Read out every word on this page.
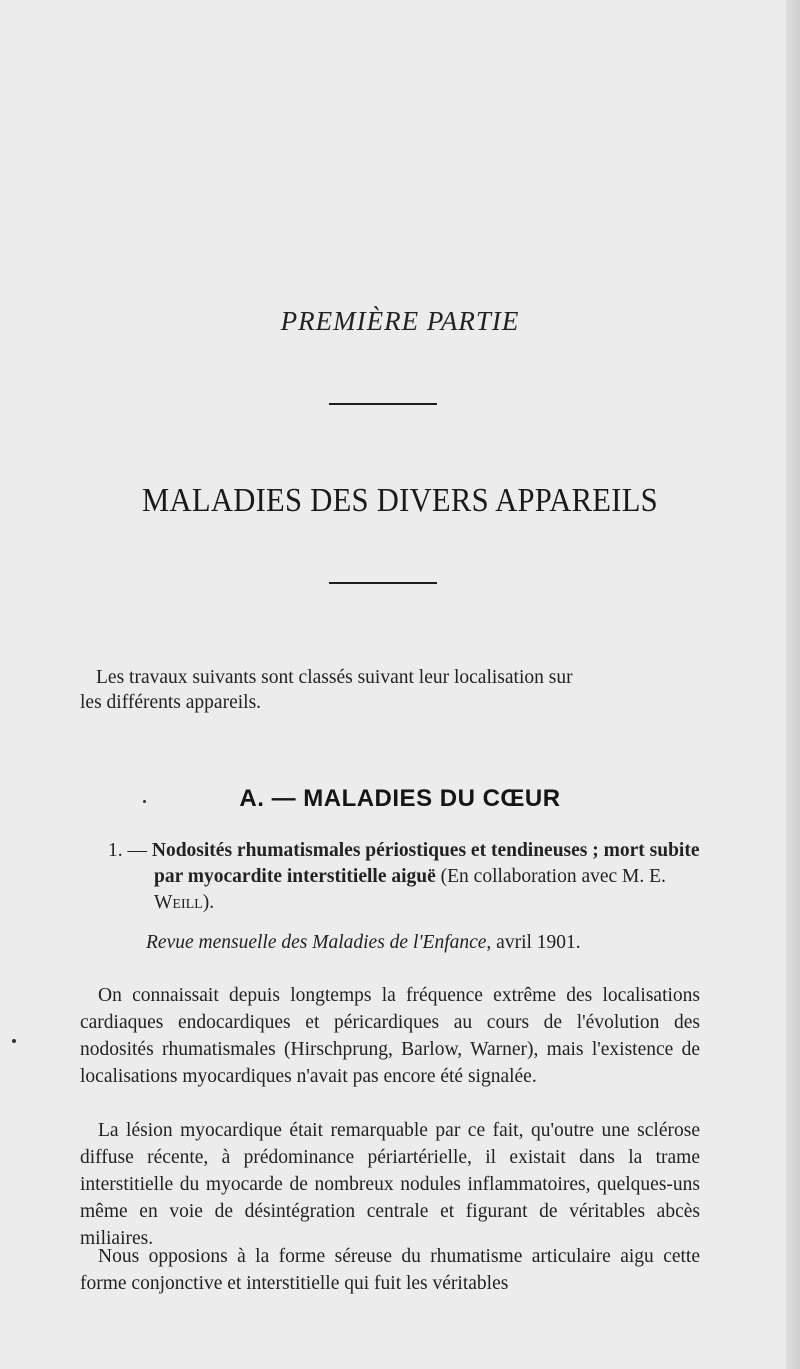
PREMIÈRE PARTIE
MALADIES DES DIVERS APPAREILS
Les travaux suivants sont classés suivant leur localisation sur
les différents appareils.
A. — MALADIES DU CŒUR
1. — Nodosités rhumatismales périostiques et tendineuses ; mort subite par myocardite interstitielle aiguë (En collaboration avec M. E. Weill).
Revue mensuelle des Maladies de l'Enfance, avril 1901.
On connaissait depuis longtemps la fréquence extrême des localisations cardiaques endocardiques et péricardiques au cours de l'évolution des nodosités rhumatismales (Hirschprung, Barlow, Warner), mais l'existence de localisations myocardiques n'avait pas encore été signalée.
La lésion myocardique était remarquable par ce fait, qu'outre une sclérose diffuse récente, à prédominance périartérielle, il existait dans la trame interstitielle du myocarde de nombreux nodules inflammatoires, quelques-uns même en voie de désintégration centrale et figurant de véritables abcès miliaires.
Nous opposions à la forme séreuse du rhumatisme articulaire aigu cette forme conjonctive et interstitielle qui fuit les véritables
